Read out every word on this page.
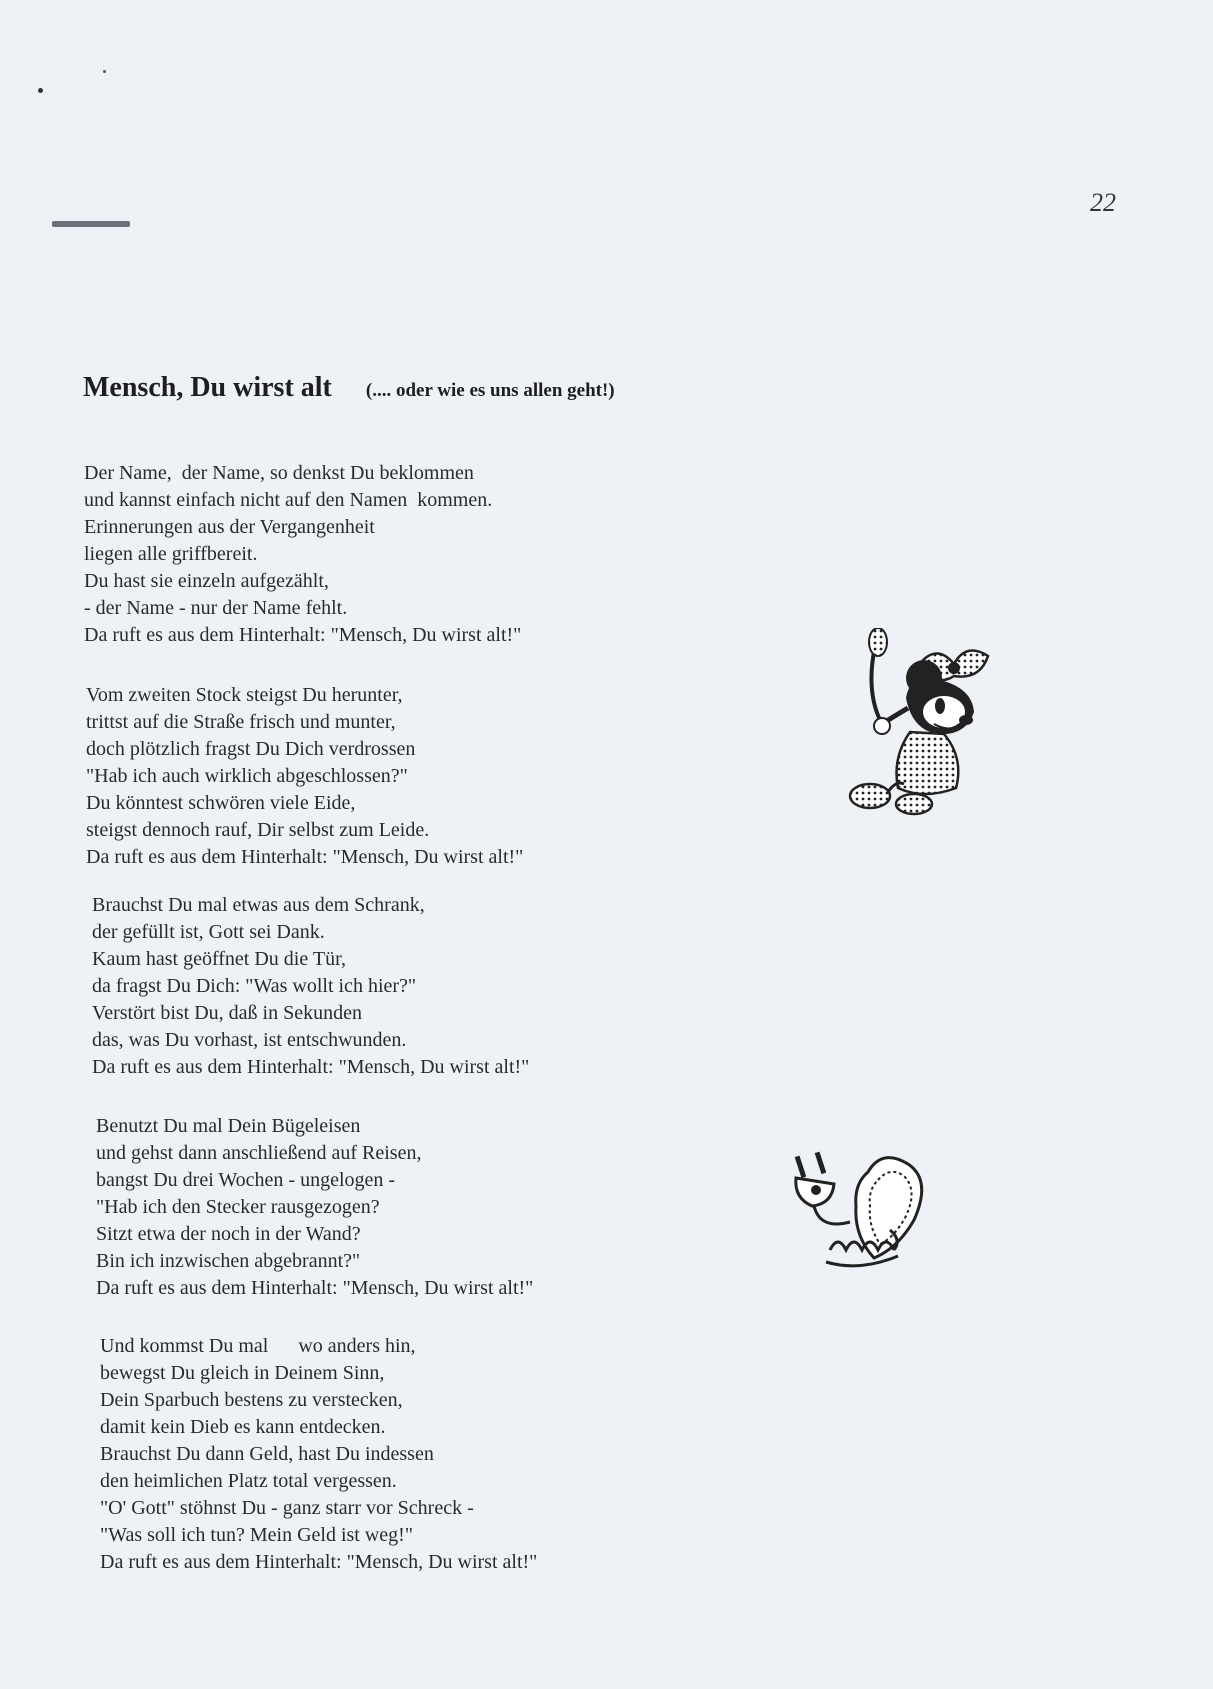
22
Mensch, Du wirst alt (.... oder wie es uns allen geht!)
Der Name,  der Name, so denkst Du beklommen
und kannst einfach nicht auf den Namen  kommen.
Erinnerungen aus der Vergangenheit
liegen alle griffbereit.
Du hast sie einzeln aufgezählt,
- der Name - nur der Name fehlt.
Da ruft es aus dem Hinterhalt: "Mensch, Du wirst alt!"
Vom zweiten Stock steigst Du herunter,
trittst auf die Straße frisch und munter,
doch plötzlich fragst Du Dich verdrossen
"Hab ich auch wirklich abgeschlossen?"
Du könntest schwören viele Eide,
steigst dennoch rauf, Dir selbst zum Leide.
Da ruft es aus dem Hinterhalt: "Mensch, Du wirst alt!"
Brauchst Du mal etwas aus dem Schrank,
der gefüllt ist, Gott sei Dank.
Kaum hast geöffnet Du die Tür,
da fragst Du Dich: "Was wollt ich hier?"
Verstört bist Du, daß in Sekunden
das, was Du vorhast, ist entschwunden.
Da ruft es aus dem Hinterhalt: "Mensch, Du wirst alt!"
Benutzt Du mal Dein Bügeleisen
und gehst dann anschließend auf Reisen,
bangst Du drei Wochen - ungelogen -
"Hab ich den Stecker rausgezogen?
Sitzt etwa der noch in der Wand?
Bin ich inzwischen abgebrannt?"
Da ruft es aus dem Hinterhalt: "Mensch, Du wirst alt!"
Und kommst Du mal      wo anders hin,
bewegst Du gleich in Deinem Sinn,
Dein Sparbuch bestens zu verstecken,
damit kein Dieb es kann entdecken.
Brauchst Du dann Geld, hast Du indessen
den heimlichen Platz total vergessen.
"O' Gott" stöhnst Du - ganz starr vor Schreck -
"Was soll ich tun? Mein Geld ist weg!"
Da ruft es aus dem Hinterhalt: "Mensch, Du wirst alt!"
